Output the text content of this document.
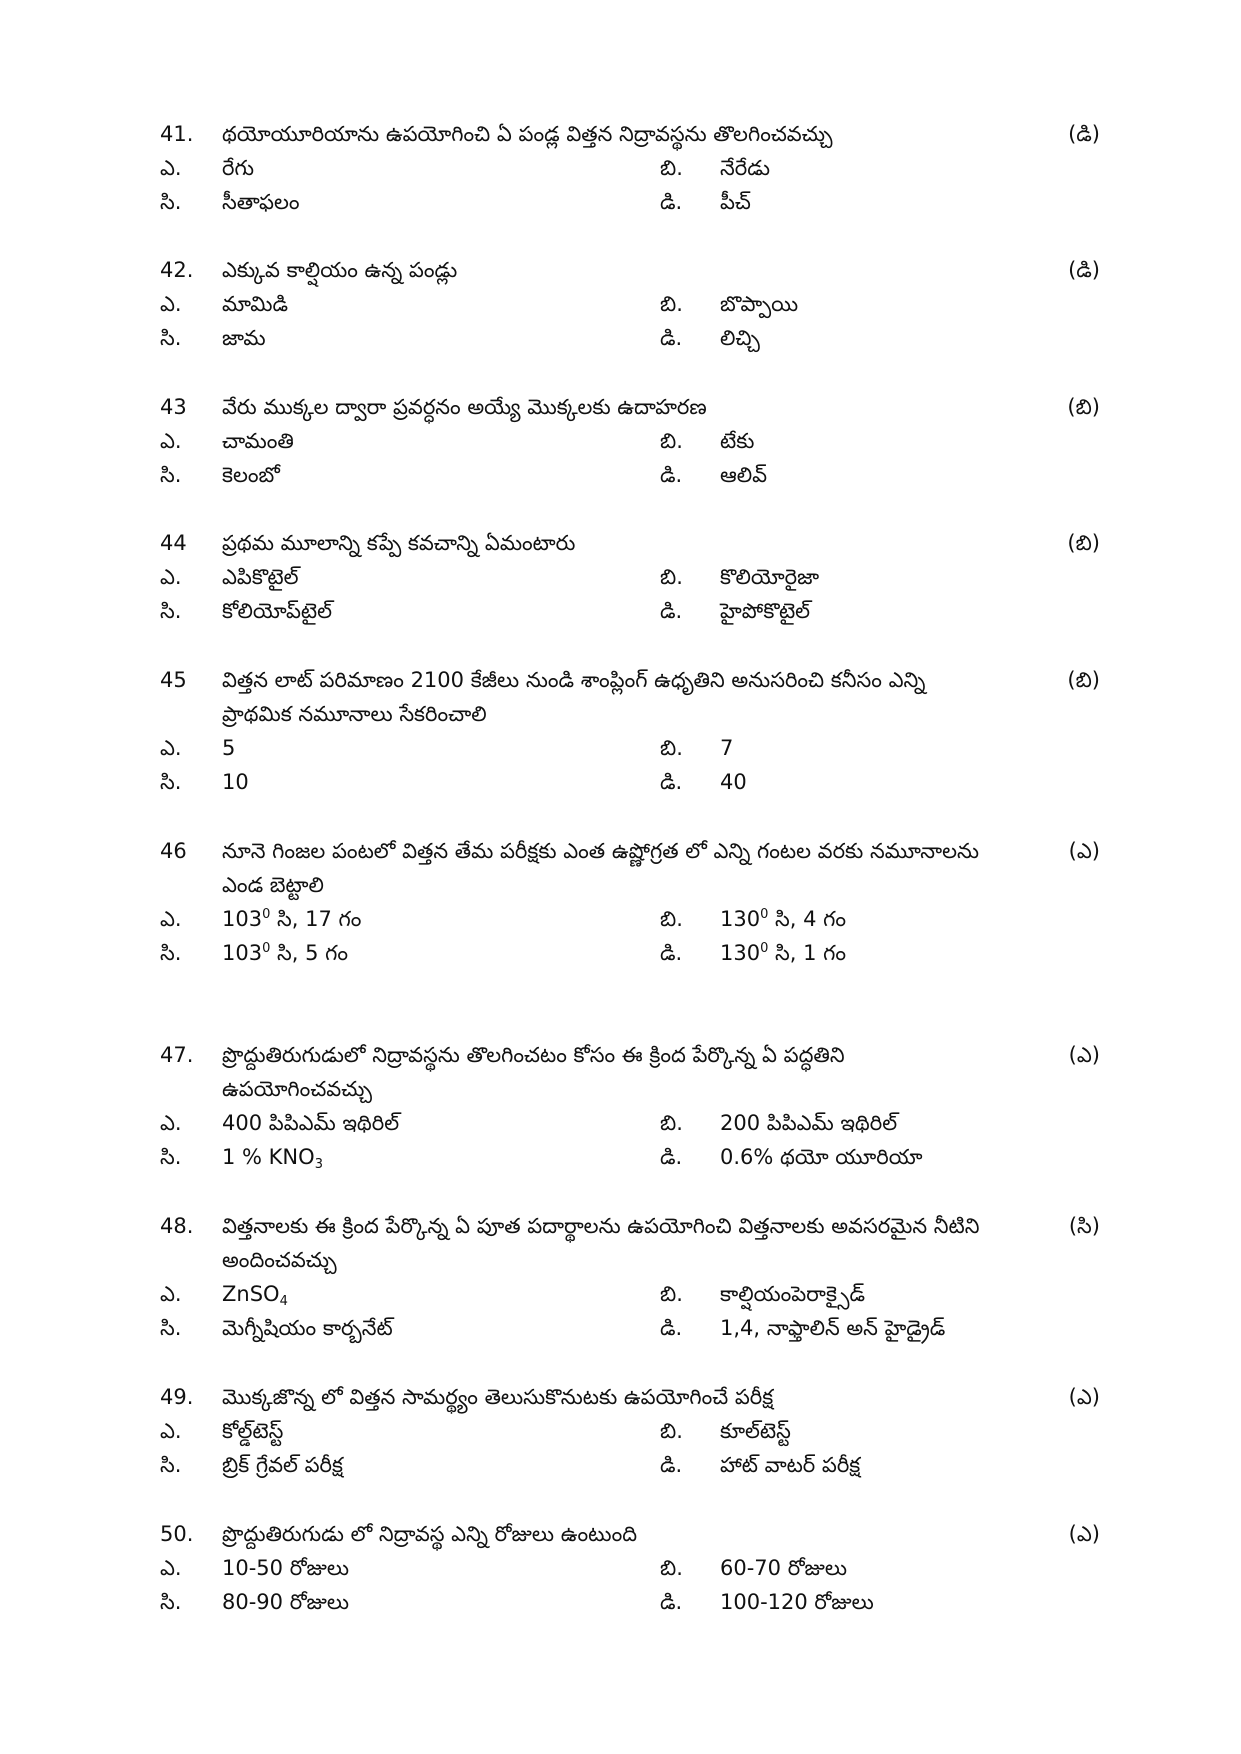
41.	థయోయూరియాను ఉపయోగించి ఏ పండ్ల విత్తన నిద్రావస్థను తొలగించవచ్చు	(డి)
ఎ. రేగు	బి. నేరేడు
సి. సీతాఫలం	డి. పీచ్
42.	ఎక్కువ కాల్షియం ఉన్న పండ్లు	(డి)
ఎ. మామిడి	బి. బొప్పాయి
సి. జామ	డి. లిచ్చి
43	వేరు ముక్కల ద్వారా ప్రవర్ధనం అయ్యే మొక్కలకు ఉదాహరణ	(బి)
ఎ. చామంతి	బి. టేకు
సి. కెలంబో	డి. ఆలివ్
44	ప్రథమ మూలాన్ని కప్పే కవచాన్ని ఏమంటారు	(బి)
ఎ. ఎపికొటైల్	బి. కొలియోరైజా
సి. కోలియోప్‌టైల్	డి. హైపోకొటైల్
45	విత్తన లాట్ పరిమాణం 2100 కేజీలు నుండి శాంప్లింగ్ ఉధృతిని అనుసరించి కనీసం ఎన్ని ప్రాథమిక నమూనాలు సేకరించాలి
(బి)
ఎ. 5	బి. 7
సి. 10	డి. 40
46	నూనె గింజల పంటలో విత్తన తేమ పరీక్షకు ఎంత ఉష్ణోగ్రత లో ఎన్ని గంటల వరకు నమూనాలను ఎండ బెట్టాలి
(ఎ)
ఎ. $103^0$ సి, 17 గం	బి. $130^0$ సి, 4 గం
సి. $103^0$ సి, 5 గం	డి. $130^0$ సి, 1 గం
47.	ప్రొద్దుతిరుగుడులో నిద్రావస్థను తొలగించటం కోసం ఈ క్రింద పేర్కొన్న ఏ పద్ధతిని ఉపయోగించవచ్చు
(ఎ)
ఎ. 400 పిపిఎమ్ ఇథిరిల్	బి. 200 పిపిఎమ్ ఇథిరిల్
సి. 1 % $KNO_3$	డి. 0.6% థయో యూరియా
48.	విత్తనాలకు ఈ క్రింద పేర్కొన్న ఏ పూత పదార్థాలను ఉపయోగించి విత్తనాలకు అవసరమైన నీటిని అందించవచ్చు
(సి)
ఎ. ZnSO$_4$	బి. కాల్షియంపెరాక్సైడ్
సి. మెగ్నీషియం కార్బనేట్	డి. 1,4, నాఫ్తాలిన్ అన్ హైడ్రైడ్
49.	మొక్కజొన్న లో విత్తన సామర్థ్యం తెలుసుకొనుటకు ఉపయోగించే పరీక్ష	(ఎ)
ఎ. కోల్డ్‌టెస్ట్	బి. కూల్‌టెస్ట్
సి. బ్రిక్ గ్రేవల్ పరీక్ష	డి. హాట్ వాటర్ పరీక్ష
50.	ప్రొద్దుతిరుగుడు లో నిద్రావస్థ ఎన్ని రోజులు ఉంటుంది	(ఎ)
ఎ. 10-50 రోజులు	బి. 60-70 రోజులు
సి. 80-90 రోజులు	డి. 100-120 రోజులు
